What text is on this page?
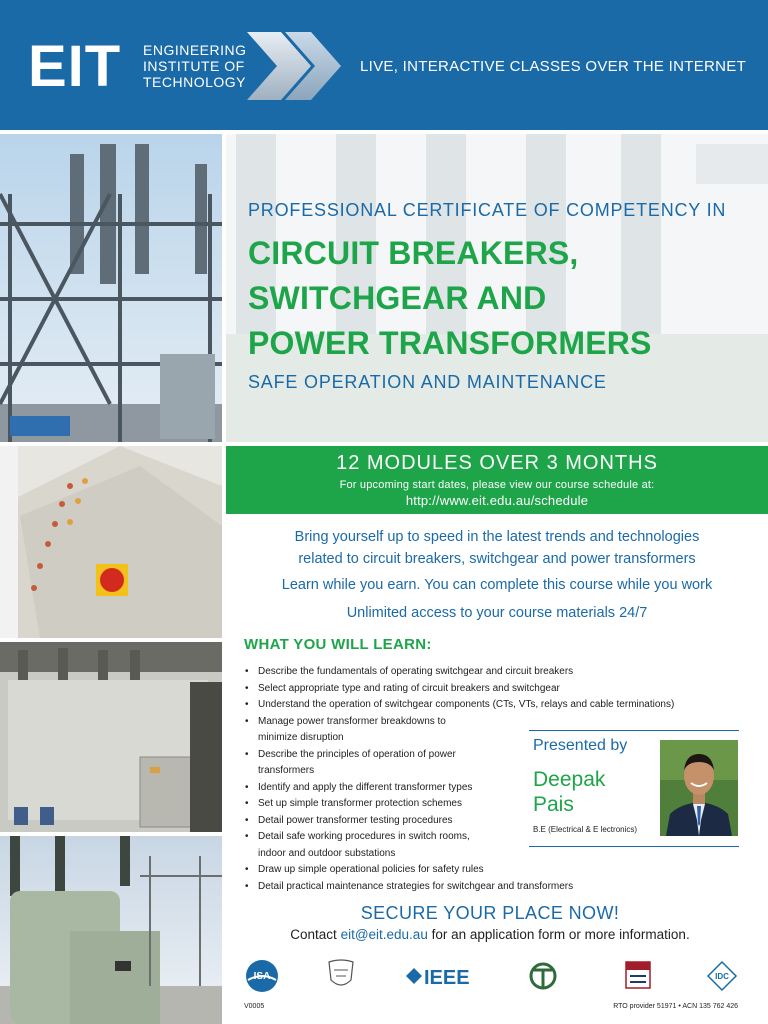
EIT ENGINEERING
INSTITUTE OF
TECHNOLOGY
LIVE, INTERACTIVE CLASSES OVER THE INTERNET
PROFESSIONAL CERTIFICATE OF COMPETENCY IN
CIRCUIT BREAKERS,
SWITCHGEAR AND
POWER TRANSFORMERS
SAFE OPERATION AND MAINTENANCE
12 MODULES OVER 3 MONTHS
For upcoming start dates, please view our course schedule at:
http://www.eit.edu.au/schedule
Bring yourself up to speed in the latest trends and technologies
related to circuit breakers, switchgear and power transformers
Learn while you earn. You can complete this course while you work
Unlimited access to your course materials 24/7
WHAT YOU WILL LEARN:
• Describe the fundamentals of operating switchgear and circuit breakers
• Select appropriate type and rating of circuit breakers and switchgear
• Understand the operation of switchgear components (CTs, VTs, relays and cable terminations)
• Manage power transformer breakdowns to
minimize disruption
• Describe the principles of operation of power
transformers
• Identify and apply the different transformer types
• Set up simple transformer protection schemes
• Detail power transformer testing procedures
• Detail safe working procedures in switch rooms,
indoor and outdoor substations
• Draw up simple operational policies for safety rules
• Detail practical maintenance strategies for switchgear and transformers
Presented by
Deepak
Pais
B.E (Electrical & E lectronics)
SECURE YOUR PLACE NOW!
Contact eit@eit.edu.au for an application form or more information.
ISA	IEEE	IDC
V0005	RTO provider 51971 • ACN 135 762 426
